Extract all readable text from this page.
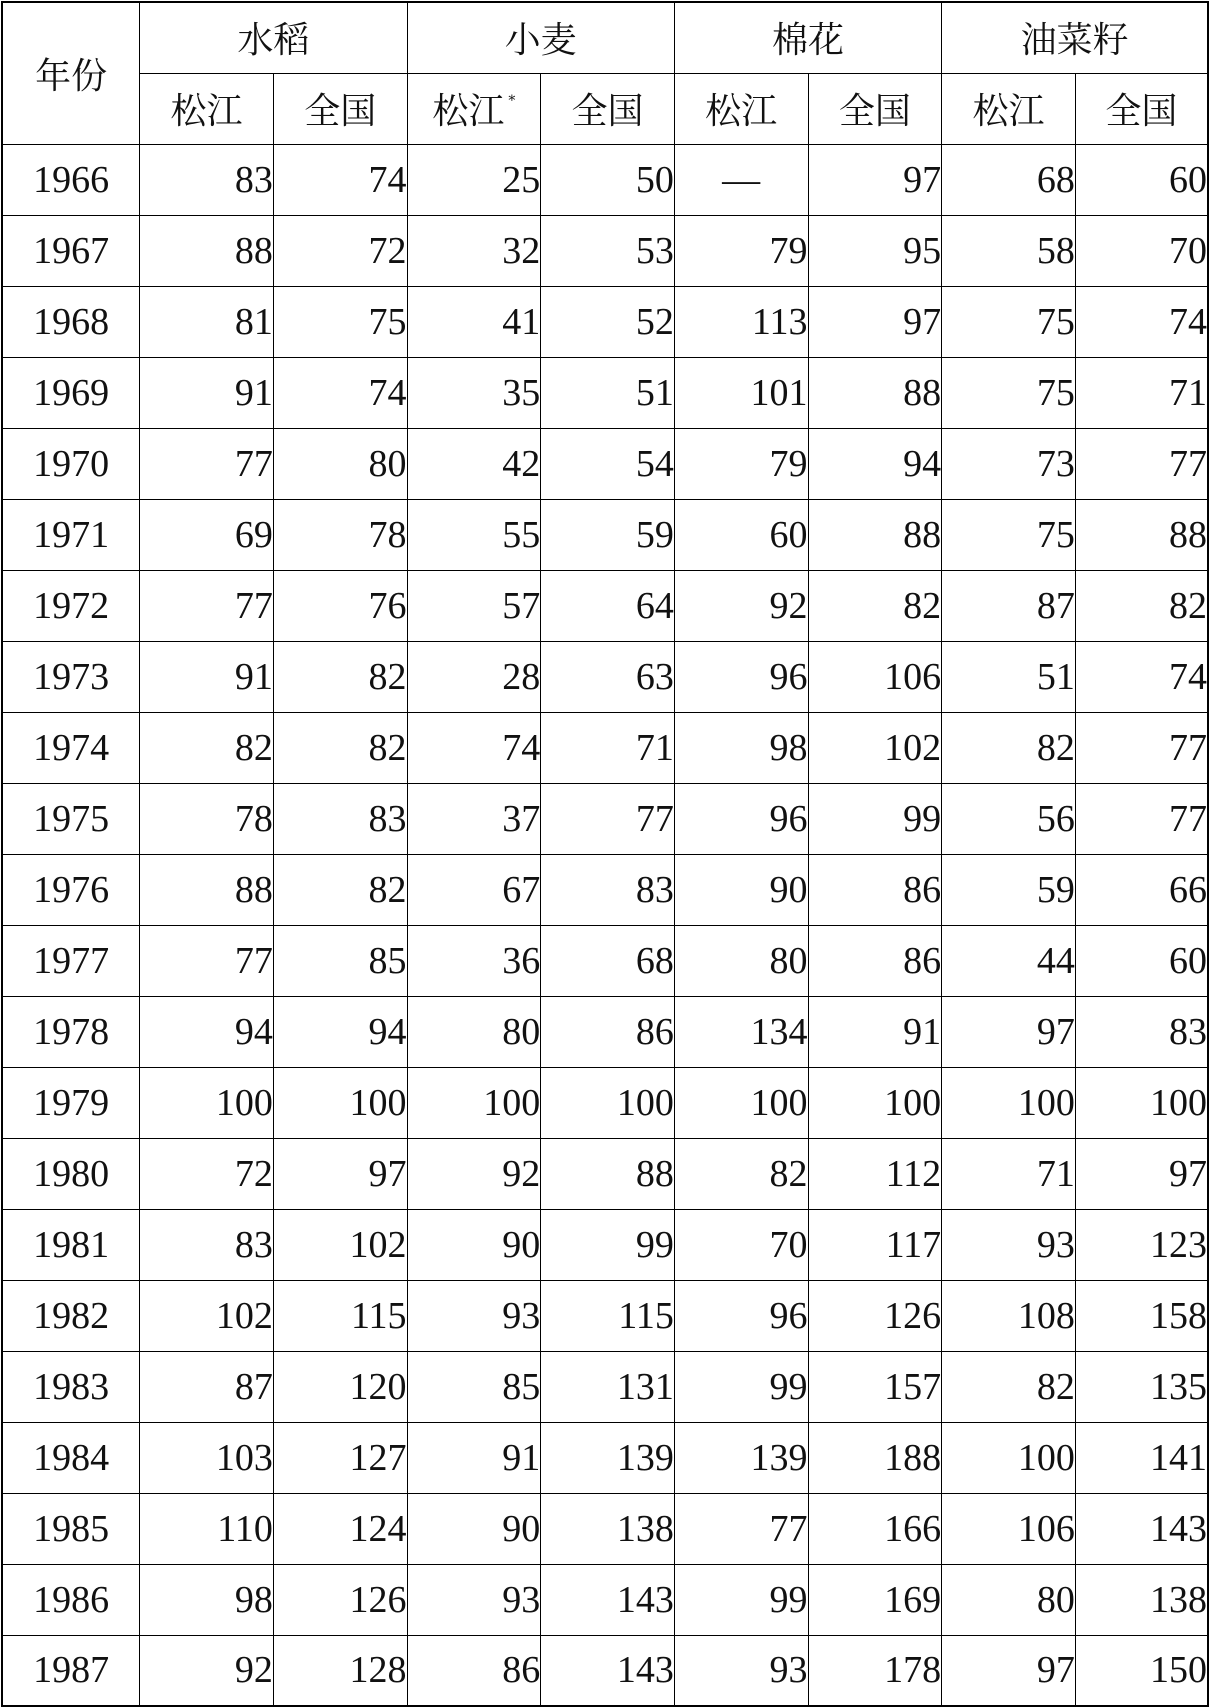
年份	水稻		小麦		棉花		油菜籽	
	松江	全国	松江 *	全国	松江	全国	松江	全国
1966	83	74	25	50	—	97	68	60
1967	88	72	32	53	79	95	58	70
1968	81	75	41	52	113	97	75	74
1969	91	74	35	51	101	88	75	71
1970	77	80	42	54	79	94	73	77
1971	69	78	55	59	60	88	75	88
1972	77	76	57	64	92	82	87	82
1973	91	82	28	63	96	106	51	74
1974	82	82	74	71	98	102	82	77
1975	78	83	37	77	96	99	56	77
1976	88	82	67	83	90	86	59	66
1977	77	85	36	68	80	86	44	60
1978	94	94	80	86	134	91	97	83
1979	100	100	100	100	100	100	100	100
1980	72	97	92	88	82	112	71	97
1981	83	102	90	99	70	117	93	123
1982	102	115	93	115	96	126	108	158
1983	87	120	85	131	99	157	82	135
1984	103	127	91	139	139	188	100	141
1985	110	124	90	138	77	166	106	143
1986	98	126	93	143	99	169	80	138
1987	92	128	86	143	93	178	97	150
